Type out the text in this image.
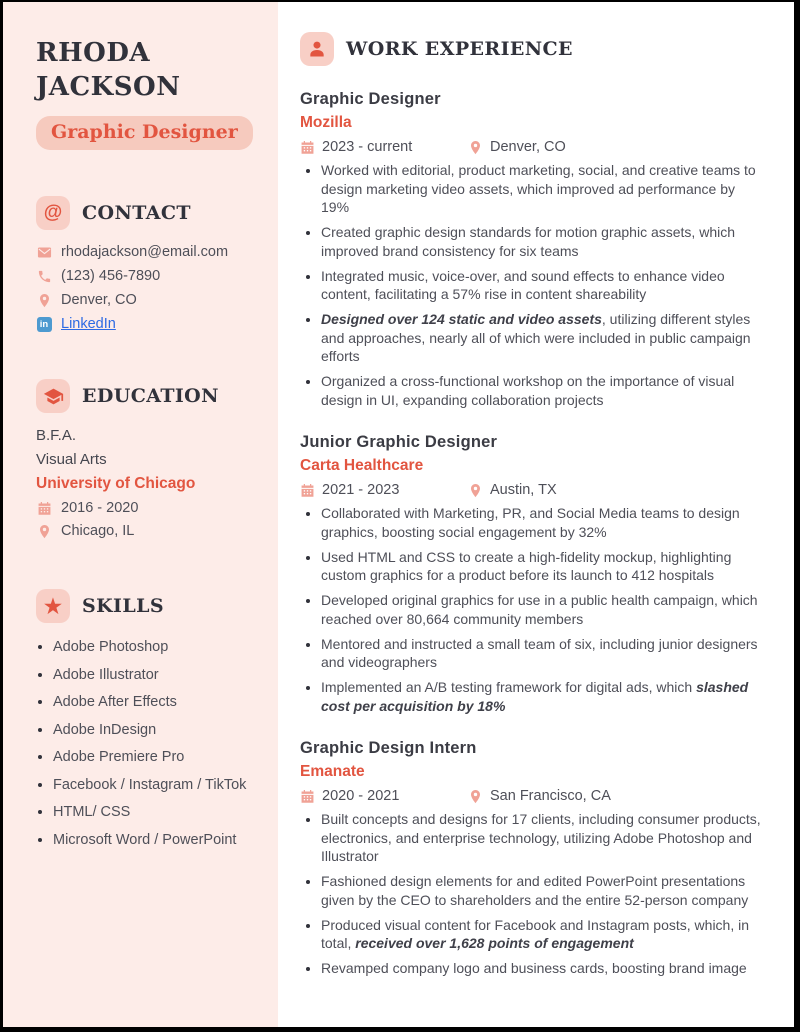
RHODA
JACKSON
Graphic Designer
@	CONTACT
rhodajackson@email.com
(123) 456-7890
Denver, CO
in LinkedIn
EDUCATION
B.F.A.
Visual Arts
University of Chicago
2016 - 2020
Chicago, IL
★	SKILLS
• Adobe Photoshop
• Adobe Illustrator
• Adobe After Effects
• Adobe InDesign
• Adobe Premiere Pro
• Facebook / Instagram / TikTok
• HTML/ CSS
• Microsoft Word / PowerPoint
WORK EXPERIENCE
Graphic Designer
Mozilla
2023 - current	Denver, CO
• Worked with editorial, product marketing, social, and creative teams to design marketing video assets, which improved ad performance by 19%
• Created graphic design standards for motion graphic assets, which improved brand consistency for six teams
• Integrated music, voice-over, and sound effects to enhance video content, facilitating a 57% rise in content shareability
• Designed over 124 static and video assets, utilizing different styles and approaches, nearly all of which were included in public campaign efforts
• Organized a cross-functional workshop on the importance of visual design in UI, expanding collaboration projects
Junior Graphic Designer
Carta Healthcare
2021 - 2023	Austin, TX
• Collaborated with Marketing, PR, and Social Media teams to design graphics, boosting social engagement by 32%
• Used HTML and CSS to create a high-fidelity mockup, highlighting custom graphics for a product before its launch to 412 hospitals
• Developed original graphics for use in a public health campaign, which reached over 80,664 community members
• Mentored and instructed a small team of six, including junior designers and videographers
• Implemented an A/B testing framework for digital ads, which slashed cost per acquisition by 18%
Graphic Design Intern
Emanate
2020 - 2021	San Francisco, CA
• Built concepts and designs for 17 clients, including consumer products, electronics, and enterprise technology, utilizing Adobe Photoshop and Illustrator
• Fashioned design elements for and edited PowerPoint presentations given by the CEO to shareholders and the entire 52-person company
• Produced visual content for Facebook and Instagram posts, which, in total, received over 1,628 points of engagement
• Revamped company logo and business cards, boosting brand image
